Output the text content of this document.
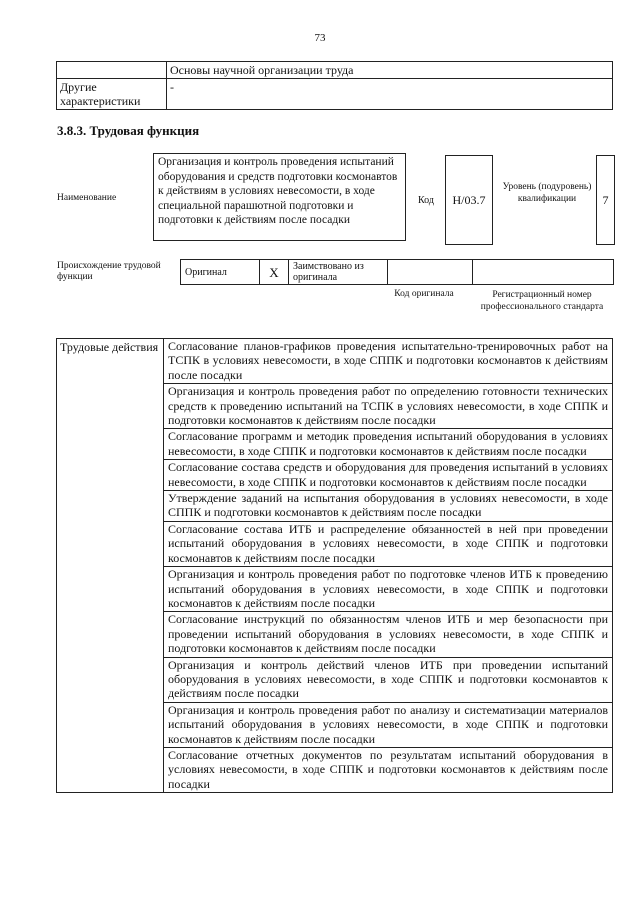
73
	Основы научной организации труда
Другие характеристики	-
3.8.3. Трудовая функция
Наименование
Организация и контроль проведения испытаний оборудования и средств подготовки космонавтов к действиям в условиях невесомости, в ходе специальной парашютной подготовки и подготовки к действиям после посадки
Код	Н/03.7
Уровень (подуровень) квалификации	7
Происхождение трудовой функции	Оригинал	X	Заимствовано из оригинала		
Код оригинала	Регистрационный номер профессионального стандарта
Трудовые действия	Согласование планов-графиков проведения испытательно-тренировочных работ на ТСПК в условиях невесомости, в ходе СППК и подготовки космонавтов к действиям после посадки
Организация и контроль проведения работ по определению готовности технических средств к проведению испытаний на ТСПК в условиях невесомости, в ходе СППК и подготовки космонавтов к действиям после посадки
Согласование программ и методик проведения испытаний оборудования в условиях невесомости, в ходе СППК и подготовки космонавтов к действиям после посадки
Согласование состава средств и оборудования для проведения испытаний в условиях невесомости, в ходе СППК и подготовки космонавтов к действиям после посадки
Утверждение заданий на испытания оборудования в условиях невесомости, в ходе СППК и подготовки космонавтов к действиям после посадки
Согласование состава ИТБ и распределение обязанностей в ней при проведении испытаний оборудования в условиях невесомости, в ходе СППК и подготовки космонавтов к действиям после посадки
Организация и контроль проведения работ по подготовке членов ИТБ к проведению испытаний оборудования в условиях невесомости, в ходе СППК и подготовки космонавтов к действиям после посадки
Согласование инструкций по обязанностям членов ИТБ и мер безопасности при проведении испытаний оборудования в условиях невесомости, в ходе СППК и подготовки космонавтов к действиям после посадки
Организация и контроль действий членов ИТБ при проведении испытаний оборудования в условиях невесомости, в ходе СППК и подготовки космонавтов к действиям после посадки
Организация и контроль проведения работ по анализу и систематизации материалов испытаний оборудования в условиях невесомости, в ходе СППК и подготовки космонавтов к действиям после посадки
Согласование отчетных документов по результатам испытаний оборудования в условиях невесомости, в ходе СППК и подготовки космонавтов к действиям после посадки
